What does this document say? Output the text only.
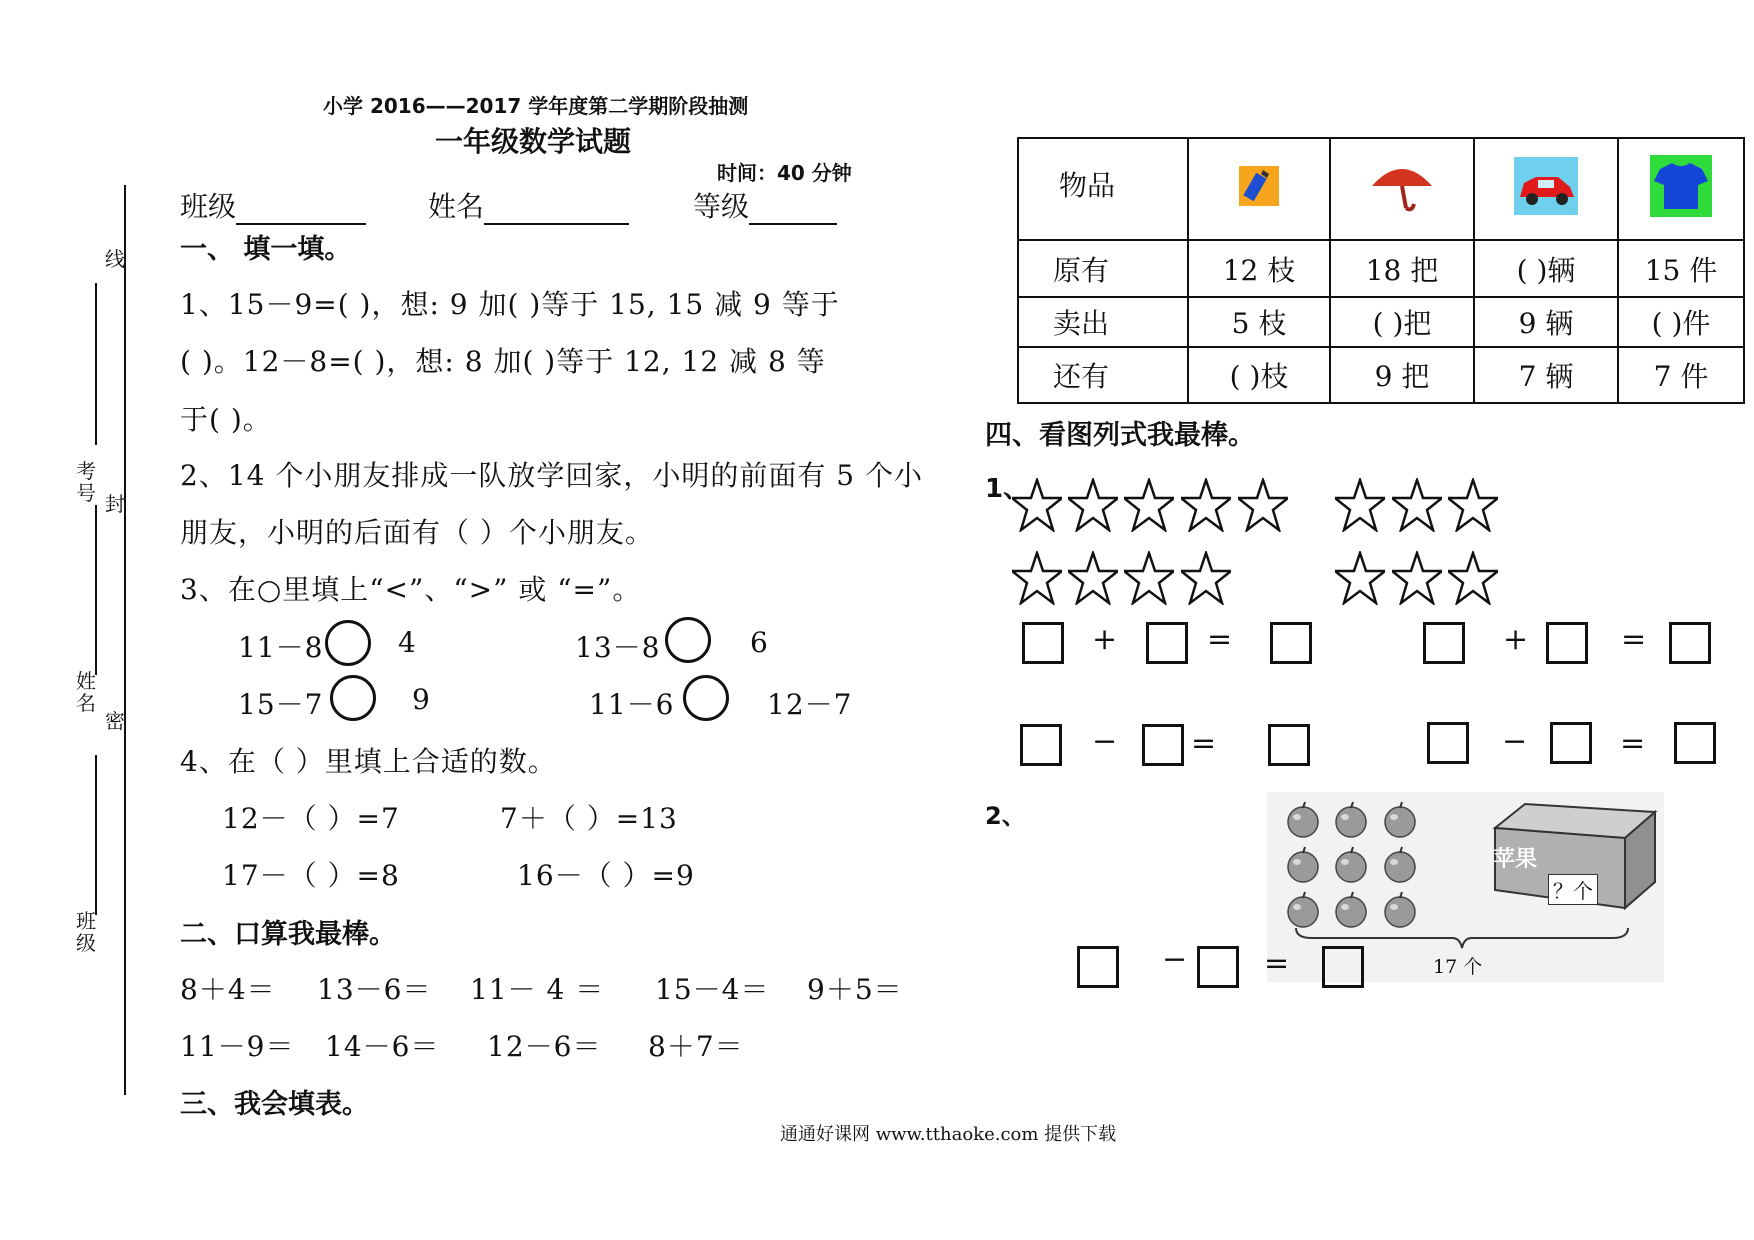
小学 2016——2017 学年度第二学期阶段抽测
一年级数学试题
时间：40 分钟
线
封
密
考号
姓名
班级
班级	姓名	等级
一、 填一填。
1、15－9=( )，想: 9 加( )等于 15, 15 减 9 等于
( )。12－8=( )，想: 8 加( )等于 12, 12 减 8 等
于( )。
2、14 个小朋友排成一队放学回家，小明的前面有 5 个小
朋友，小明的后面有（ ）个小朋友。
3、在○里填上“<”、“>” 或 “=”。
11－8	4	13－8	6
15－7	9	11－6	12－7
4、在（ ）里填上合适的数。
12－（ ）=7	7＋（ ）=13
17－（ ）=8	16－（ ）=9
二、口算我最棒。
8＋4＝ 13－6＝ 11－ 4 ＝ 15－4＝ 9＋5＝
11－9＝ 14－6＝ 12－6＝ 8＋7＝
三、我会填表。
物品				
原有	12 枝	18 把	( )辆	15 件
卖出	5 枝	( )把	9 辆	( )件
还有	( )枝	9 把	7 辆	7 件
四、看图列式我最棒。
1、
+	=	+	=
− =	−	=
2、
苹果
？个
17 个
−	=
通通好课网 www.tthaoke.com 提供下载
